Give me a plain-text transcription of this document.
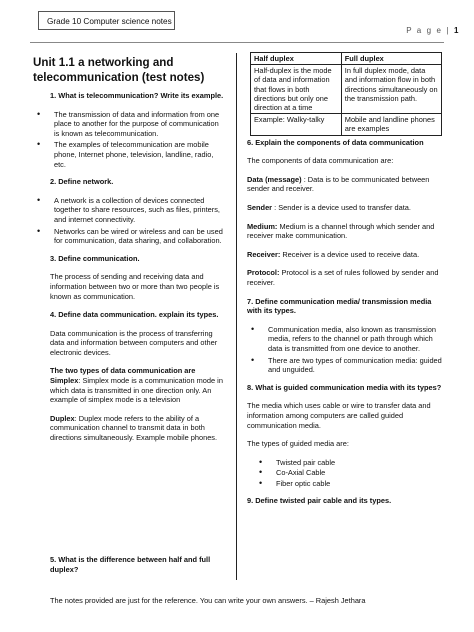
Grade 10 Computer science notes
P a g e | 1
Unit 1.1 a networking and telecommunication (test notes)
1. What is telecommunication? Write its example.
• The transmission of data and information from one place to another for the purpose of communication is known as telecommunication.
• The examples of telecommunication are mobile phone, Internet phone, television, landline, radio, etc.
2. Define network.
• A network is a collection of devices connected together to share resources, such as files, printers, and internet connectivity.
• Networks can be wired or wireless and can be used for communication, data sharing, and collaboration.
3. Define communication.
The process of sending and receiving data and information between two or more than two people is known as communication.
4. Define data communication. explain its types.
Data communication is the process of transferring data and information between computers and other electronic devices.
The two types of data communication are
Simplex: Simplex mode is a communication mode in which data is transmitted in one direction only. An example of simplex mode is a television
Duplex: Duplex mode refers to the ability of a communication channel to transmit data in both directions simultaneously. Example mobile phones.
5. What is the difference between half and full duplex?
Half duplex	Full duplex
Half-duplex is the mode of data and information that flows in both directions but only one direction at a time	In full duplex mode, data and information flow in both directions simultaneously on the transmission path.
Example: Walky-talky	Mobile and landline phones are examples
6. Explain the components of data communication
The components of data communication are:
Data (message) : Data is to be communicated between sender and receiver.
Sender : Sender is a device used to transfer data.
Medium: Medium is a channel through which sender and receiver make communication.
Receiver: Receiver is a device used to receive data.
Protocol: Protocol is a set of rules followed by sender and receiver.
7. Define communication media/ transmission media with its types.
• Communication media, also known as transmission media, refers to the channel or path through which data is transmitted from one device to another.
• There are two types of communication media: guided and unguided.
8. What is guided communication media with its types?
The media which uses cable or wire to transfer data and information among computers are called guided communication media.
The types of guided media are:
• Twisted pair cable
• Co-Axial Cable
• Fiber optic cable
9. Define twisted pair cable and its types.
The notes provided are just for the reference. You can write your own answers. – Rajesh Jethara
